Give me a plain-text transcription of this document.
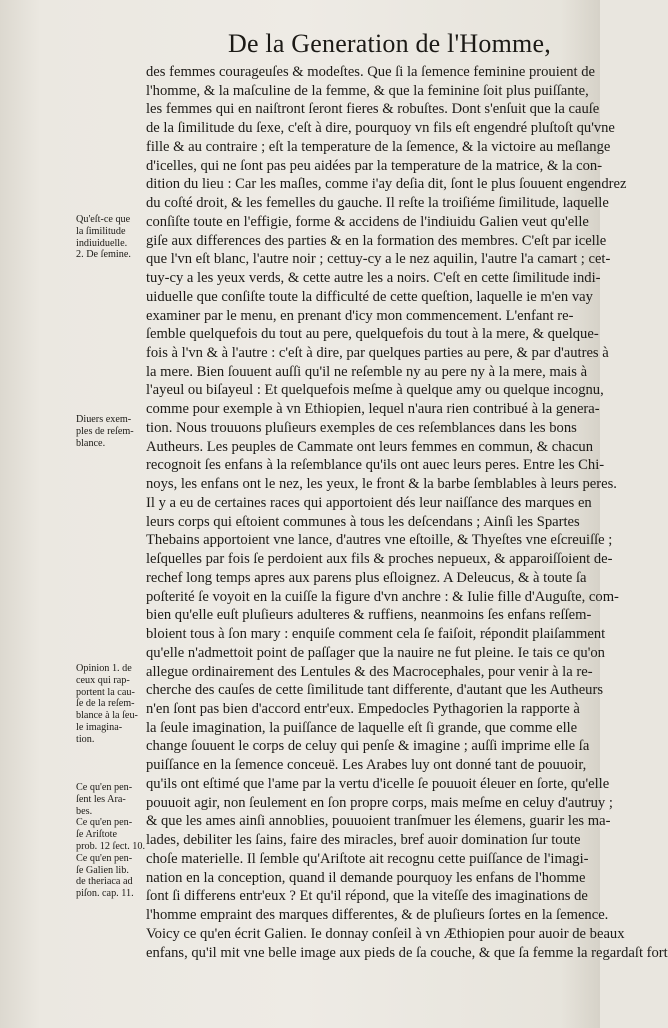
De la Generation de l'Homme,
des femmes courageuſes & modeſtes. Que ſi la ſemence feminine prouient de
l'homme, & la maſculine de la femme, & que la feminine ſoit plus puiſſante,
les femmes qui en naiſtront ſeront fieres & robuſtes. Dont s'enſuit que la cauſe
de la ſimilitude du ſexe, c'eſt à dire, pourquoy vn fils eſt engendré pluſtoſt qu'vne
fille & au contraire ; eſt la temperature de la ſemence, & la victoire au meſlange
d'icelles, qui ne ſont pas peu aidées par la temperature de la matrice, & la con-
dition du lieu : Car les maſles, comme i'ay deſia dit, ſont le plus ſouuent engendrez
du coſté droit, & les femelles du gauche. Il reſte la troiſiéme ſimilitude, laquelle
conſiſte toute en l'effigie, forme & accidens de l'indiuidu Galien veut qu'elle
giſe aux differences des parties & en la formation des membres. C'eſt par icelle
que l'vn eſt blanc, l'autre noir ; cettuy-cy a le nez aquilin, l'autre l'a camart ; cet-
tuy-cy a les yeux verds, & cette autre les a noirs. C'eſt en cette ſimilitude indi-
uiduelle que conſiſte toute la difficulté de cette queſtion, laquelle ie m'en vay
examiner par le menu, en prenant d'icy mon commencement. L'enfant re-
ſemble quelquefois du tout au pere, quelquefois du tout à la mere, & quelque-
fois à l'vn & à l'autre : c'eſt à dire, par quelques parties au pere, & par d'autres à
la mere. Bien ſouuent auſſi qu'il ne reſemble ny au pere ny à la mere, mais à
l'ayeul ou biſayeul : Et quelquefois meſme à quelque amy ou quelque incognu,
comme pour exemple à vn Ethiopien, lequel n'aura rien contribué à la genera-
tion. Nous trouuons pluſieurs exemples de ces reſemblances dans les bons
Autheurs. Les peuples de Cammate ont leurs femmes en commun, & chacun
recognoit ſes enfans à la reſemblance qu'ils ont auec leurs peres. Entre les Chi-
noys, les enfans ont le nez, les yeux, le front & la barbe ſemblables à leurs peres.
Il y a eu de certaines races qui apportoient dés leur naiſſance des marques en
leurs corps qui eſtoient communes à tous les deſcendans ; Ainſi les Spartes
Thebains apportoient vne lance, d'autres vne eſtoille, & Thyeſtes vne eſcreuiſſe ;
leſquelles par fois ſe perdoient aux fils & proches nepueux, & apparoiſſoient de-
rechef long temps apres aux parens plus eſloignez. A Deleucus, & à toute ſa
poſterité ſe voyoit en la cuiſſe la figure d'vn anchre : & Iulie fille d'Auguſte, com-
bien qu'elle euſt pluſieurs adulteres & ruffiens, neanmoins ſes enfans reſſem-
bloient tous à ſon mary : enquiſe comment cela ſe faiſoit, répondit plaiſamment
qu'elle n'admettoit point de paſſager que la nauire ne fut pleine. Ie tais ce qu'on
allegue ordinairement des Lentules & des Macrocephales, pour venir à la re-
cherche des cauſes de cette ſimilitude tant differente, d'autant que les Autheurs
n'en ſont pas bien d'accord entr'eux. Empedocles Pythagorien la rapporte à
la ſeule imagination, la puiſſance de laquelle eſt ſi grande, que comme elle
change ſouuent le corps de celuy qui penſe & imagine ; auſſi imprime elle ſa
puiſſance en la ſemence conceuë. Les Arabes luy ont donné tant de pouuoir,
qu'ils ont eſtimé que l'ame par la vertu d'icelle ſe pouuoit éleuer en ſorte, qu'elle
pouuoit agir, non ſeulement en ſon propre corps, mais meſme en celuy d'autruy ;
& que les ames ainſi annoblies, pouuoient tranſmuer les élemens, guarir les ma-
lades, debiliter les ſains, faire des miracles, bref auoir domination ſur toute
choſe materielle. Il ſemble qu'Ariſtote ait recognu cette puiſſance de l'imagi-
nation en la conception, quand il demande pourquoy les enfans de l'homme
ſont ſi differens entr'eux ? Et qu'il répond, que la viteſſe des imaginations de
l'homme empraint des marques differentes, & de pluſieurs ſortes en la ſemence.
Voicy ce qu'en écrit Galien. Ie donnay conſeil à vn Æthiopien pour auoir de beaux
enfans, qu'il mit vne belle image aux pieds de ſa couche, & que ſa femme la regardaſt fort
Qu'eſt-ce que
la ſimilitude
indiuiduelle.
2. De ſemine.
Diuers exem-
ples de reſem-
blance.
Opinion 1. de
ceux qui rap-
portent la cau-
ſe de la reſem-
blance à la ſeu-
le imagina-
tion.
Ce qu'en pen-
ſent les Ara-
bes.
Ce qu'en pen-
ſe Ariſtote
prob. 12 ſect. 10.
Ce qu'en pen-
ſe Galien lib.
de theriaca ad
piſon. cap. 11.
